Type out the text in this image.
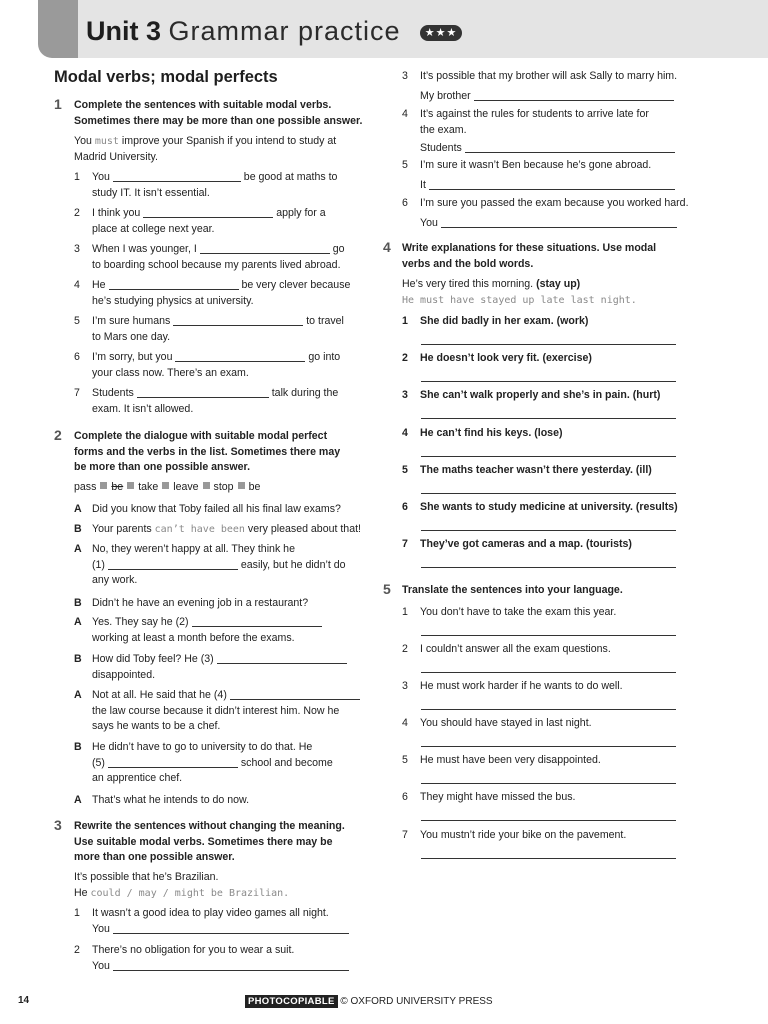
Unit 3 Grammar practice ★★★
Modal verbs; modal perfects
1 Complete the sentences with suitable modal verbs.
Sometimes there may be more than one possible answer.
You must improve your Spanish if you intend to study at
Madrid University.
1 You	be good at maths to
study IT. It isn’t essential.
2 I think you	apply for a
place at college next year.
3 When I was younger, I	go
to boarding school because my parents lived abroad.
4 He	be very clever because
he’s studying physics at university.
5 I’m sure humans	to travel
to Mars one day.
6 I’m sorry, but you	go into
your class now. There’s an exam.
7 Students	talk during the
exam. It isn’t allowed.
2 Complete the dialogue with suitable modal perfect
forms and the verbs in the list. Sometimes there may
be more than one possible answer.
pass be take leave stop be
A Did you know that Toby failed all his final law exams?
B Your parents can’t have been very pleased about that!
A No, they weren’t happy at all. They think he
(1)	easily, but he didn’t do
any work.
B Didn’t he have an evening job in a restaurant?
A Yes. They say he (2)
working at least a month before the exams.
B How did Toby feel? He (3)
disappointed.
A Not at all. He said that he (4)
the law course because it didn’t interest him. Now he
says he wants to be a chef.
B He didn’t have to go to university to do that. He
(5)	school and become
an apprentice chef.
A That’s what he intends to do now.
3 Rewrite the sentences without changing the meaning.
Use suitable modal verbs. Sometimes there may be
more than one possible answer.
It’s possible that he’s Brazilian.
He could / may / might be Brazilian.
1 It wasn’t a good idea to play video games all night.
You
2 There’s no obligation for you to wear a suit.
You
3 It’s possible that my brother will ask Sally to marry him.
My brother
4 It’s against the rules for students to arrive late for
the exam.
Students
5 I’m sure it wasn’t Ben because he’s gone abroad.
It
6 I’m sure you passed the exam because you worked hard.
You
4 Write explanations for these situations. Use modal
verbs and the bold words.
He’s very tired this morning. (stay up)
He must have stayed up late last night.
1 She did badly in her exam. (work)
2 He doesn’t look very fit. (exercise)
3 She can’t walk properly and she’s in pain. (hurt)
4 He can’t find his keys. (lose)
5 The maths teacher wasn’t there yesterday. (ill)
6 She wants to study medicine at university. (results)
7 They’ve got cameras and a map. (tourists)
5 Translate the sentences into your language.
1 You don’t have to take the exam this year.
2 I couldn’t answer all the exam questions.
3 He must work harder if he wants to do well.
4 You should have stayed in last night.
5 He must have been very disappointed.
6 They might have missed the bus.
7 You mustn’t ride your bike on the pavement.
14	PHOTOCOPIABLE © OXFORD UNIVERSITY PRESS
